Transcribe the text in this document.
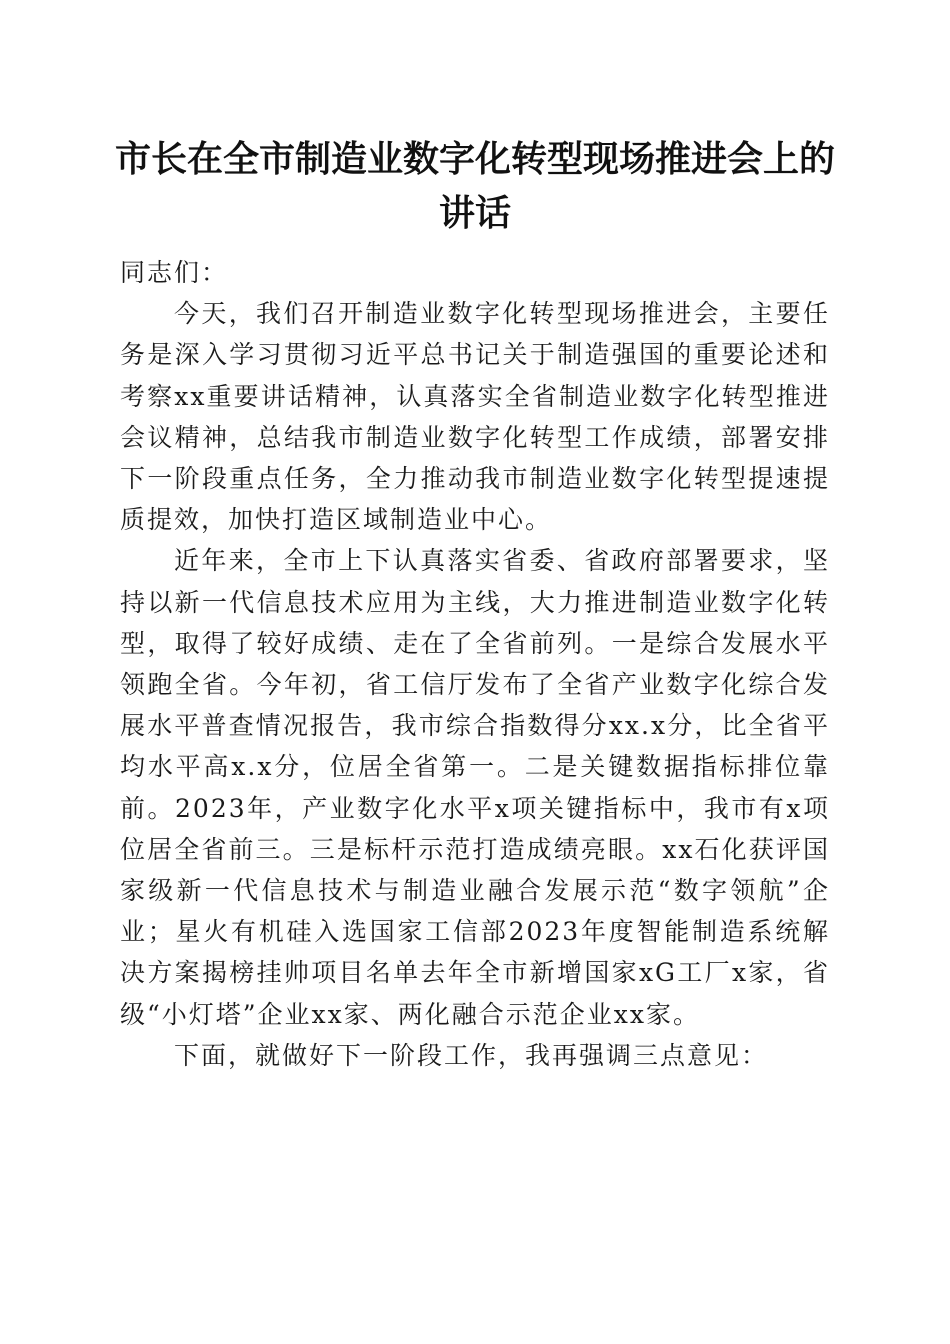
市长在全市制造业数字化转型现场推进会上的讲话

同志们：

今天，我们召开制造业数字化转型现场推进会，主要任务是深入学习贯彻习近平总书记关于制造强国的重要论述和考察xx重要讲话精神，认真落实全省制造业数字化转型推进会议精神，总结我市制造业数字化转型工作成绩，部署安排下一阶段重点任务，全力推动我市制造业数字化转型提速提质提效，加快打造区域制造业中心。

近年来，全市上下认真落实省委、省政府部署要求，坚持以新一代信息技术应用为主线，大力推进制造业数字化转型，取得了较好成绩、走在了全省前列。一是综合发展水平领跑全省。今年初，省工信厅发布了全省产业数字化综合发展水平普查情况报告，我市综合指数得分xx.x分，比全省平均水平高x.x分，位居全省第一。二是关键数据指标排位靠前。2023年，产业数字化水平x项关键指标中，我市有x项位居全省前三。三是标杆示范打造成绩亮眼。xx石化获评国家级新一代信息技术与制造业融合发展示范“数字领航”企业；星火有机硅入选国家工信部2023年度智能制造系统解决方案揭榜挂帅项目名单去年全市新增国家xG工厂x家，省级“小灯塔”企业xx家、两化融合示范企业xx家。

下面，就做好下一阶段工作，我再强调三点意见：
